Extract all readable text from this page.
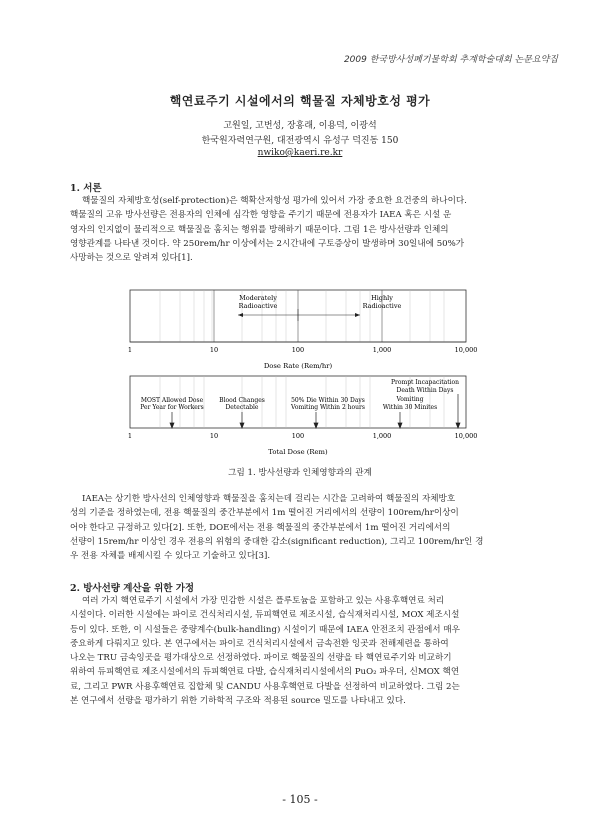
2009 한국방사성폐기물학회 추계학술대회 논문요약집
핵연료주기 시설에서의 핵물질 자체방호성 평가
고원일, 고번성, 장홍래, 이용덕, 이광석
한국원자력연구원, 대전광역시 유성구 덕진동 150
nwiko@kaeri.re.kr
1. 서론
핵물질의 자체방호성(self-protection)은 핵확산저항성 평가에 있어서 가장 중요한 요건중의 하나이다.
핵물질의 고유 방사선량은 전용자의 인체에 심각한 영향을 주기기 때문에 전용자가 IAEA 혹은 시설 운
영자의 인지없이 물리적으로 핵물질을 훔치는 행위를 방해하기 때문이다. 그림 1은 방사선량과 인체의
영향관계를 나타낸 것이다. 약 250rem/hr 이상에서는 2시간내에 구토증상이 발생하며 30일내에 50%가
사망하는 것으로 알려져 있다[1].
Moderately
Radioactive
Highly
Radioactive
1	10	100	1,000	10,000
Dose Rate (Rem/hr)
MOST Allowed Dose
Per Year for Workers
Blood Changes
Detectable
50% Die Within 30 Days
Vomiting Within 2 hours
Prompt Incapacitation
Death Within Days
Vomiting
Within 30 Minites
1	10	100	1,000	10,000
Total Dose (Rem)
그림 1. 방사선량과 인체영향과의 관계
IAEA는 상기한 방사선의 인체영향과 핵물질을 훔치는데 걸리는 시간을 고려하여 핵물질의 자체방호
성의 기준을 정하였는데, 전용 핵물질의 중간부분에서 1m 떨어진 거리에서의 선량이 100rem/hr이상이
어야 한다고 규정하고 있다[2]. 또한, DOE에서는 전용 핵물질의 중간부분에서 1m 떨어진 거리에서의
선량이 15rem/hr 이상인 경우 전용의 위험의 중대한 감소(significant reduction), 그리고 100rem/hr인 경
우 전용 자체를 배제시킬 수 있다고 기술하고 있다[3].
2. 방사선량 계산을 위한 가정
여러 가지 핵연료주기 시설에서 가장 민감한 시설은 플루토늄을 포함하고 있는 사용후핵연료 처리
시설이다. 이러한 시설에는 파이로 건식처리시설, 듀피핵연료 제조시설, 습식재처리시설, MOX 제조시설
등이 있다. 또한, 이 시설들은 중량계수(bulk-handling) 시설이기 때문에 IAEA 안전조치 관점에서 매우
중요하게 다뤄지고 있다. 본 연구에서는 파이로 건식처리시설에서 금속전환 잉곳과 전해제련을 통하여
나오는 TRU 금속잉곳을 평가대상으로 선정하였다. 파이로 핵물질의 선량을 타 핵연료주기와 비교하기
위하여 듀피핵연료 제조시설에서의 듀피핵연료 다발, 습식재처리시설에서의 PuO₂ 파우더, 신MOX 핵연
료, 그리고 PWR 사용후핵연료 집합체 및 CANDU 사용후핵연료 다발을 선정하여 비교하였다. 그림 2는
본 연구에서 선량을 평가하기 위한 기하학적 구조와 적용된 source 밀도를 나타내고 있다.
- 105 -
